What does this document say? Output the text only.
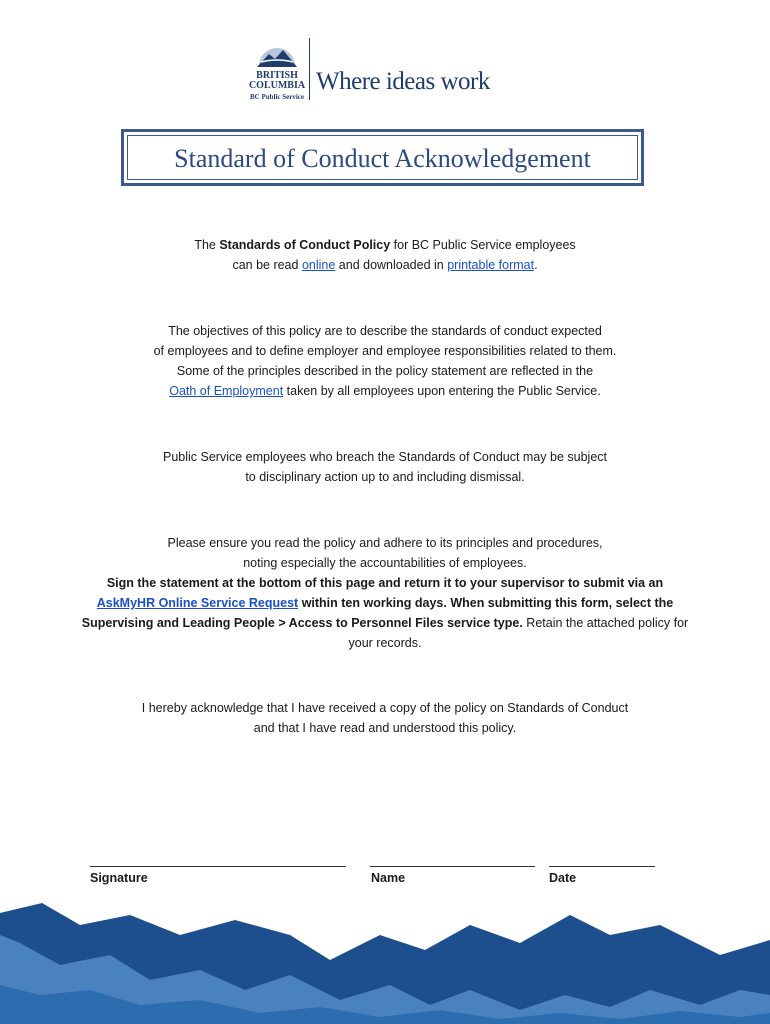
BRITISH
COLUMBIA
BC Public Service
Where ideas work
Standard of Conduct Acknowledgement
The Standards of Conduct Policy for BC Public Service employees
can be read online and downloaded in printable format.
The objectives of this policy are to describe the standards of conduct expected
of employees and to define employer and employee responsibilities related to them.
Some of the principles described in the policy statement are reflected in the
Oath of Employment taken by all employees upon entering the Public Service.
Public Service employees who breach the Standards of Conduct may be subject
to disciplinary action up to and including dismissal.
Please ensure you read the policy and adhere to its principles and procedures,
noting especially the accountabilities of employees.
Sign the statement at the bottom of this page and return it to your supervisor to submit via an
AskMyHR Online Service Request within ten working days. When submitting this form, select the
Supervising and Leading People > Access to Personnel Files service type. Retain the attached policy for
your records.
I hereby acknowledge that I have received a copy of the policy on Standards of Conduct
and that I have read and understood this policy.
Signature	Name	Date
